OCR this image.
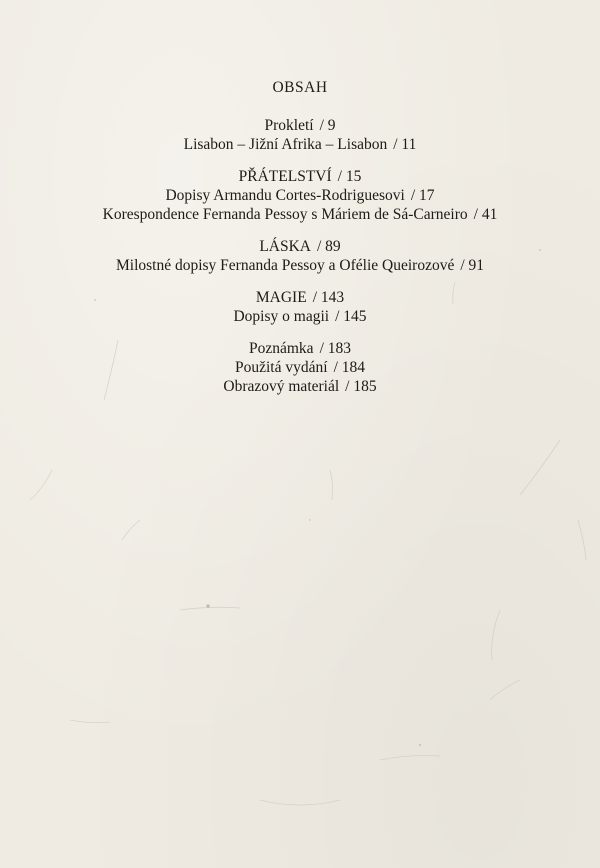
OBSAH
Prokletí / 9
Lisabon – Jižní Afrika – Lisabon / 11
PŘÁTELSTVÍ / 15
Dopisy Armandu Cortes-Rodriguesovi / 17
Korespondence Fernanda Pessoy s Máriem de Sá-Carneiro / 41
LÁSKA / 89
Milostné dopisy Fernanda Pessoy a Ofélie Queirozové / 91
MAGIE / 143
Dopisy o magii / 145
Poznámka / 183
Použitá vydání / 184
Obrazový materiál / 185
